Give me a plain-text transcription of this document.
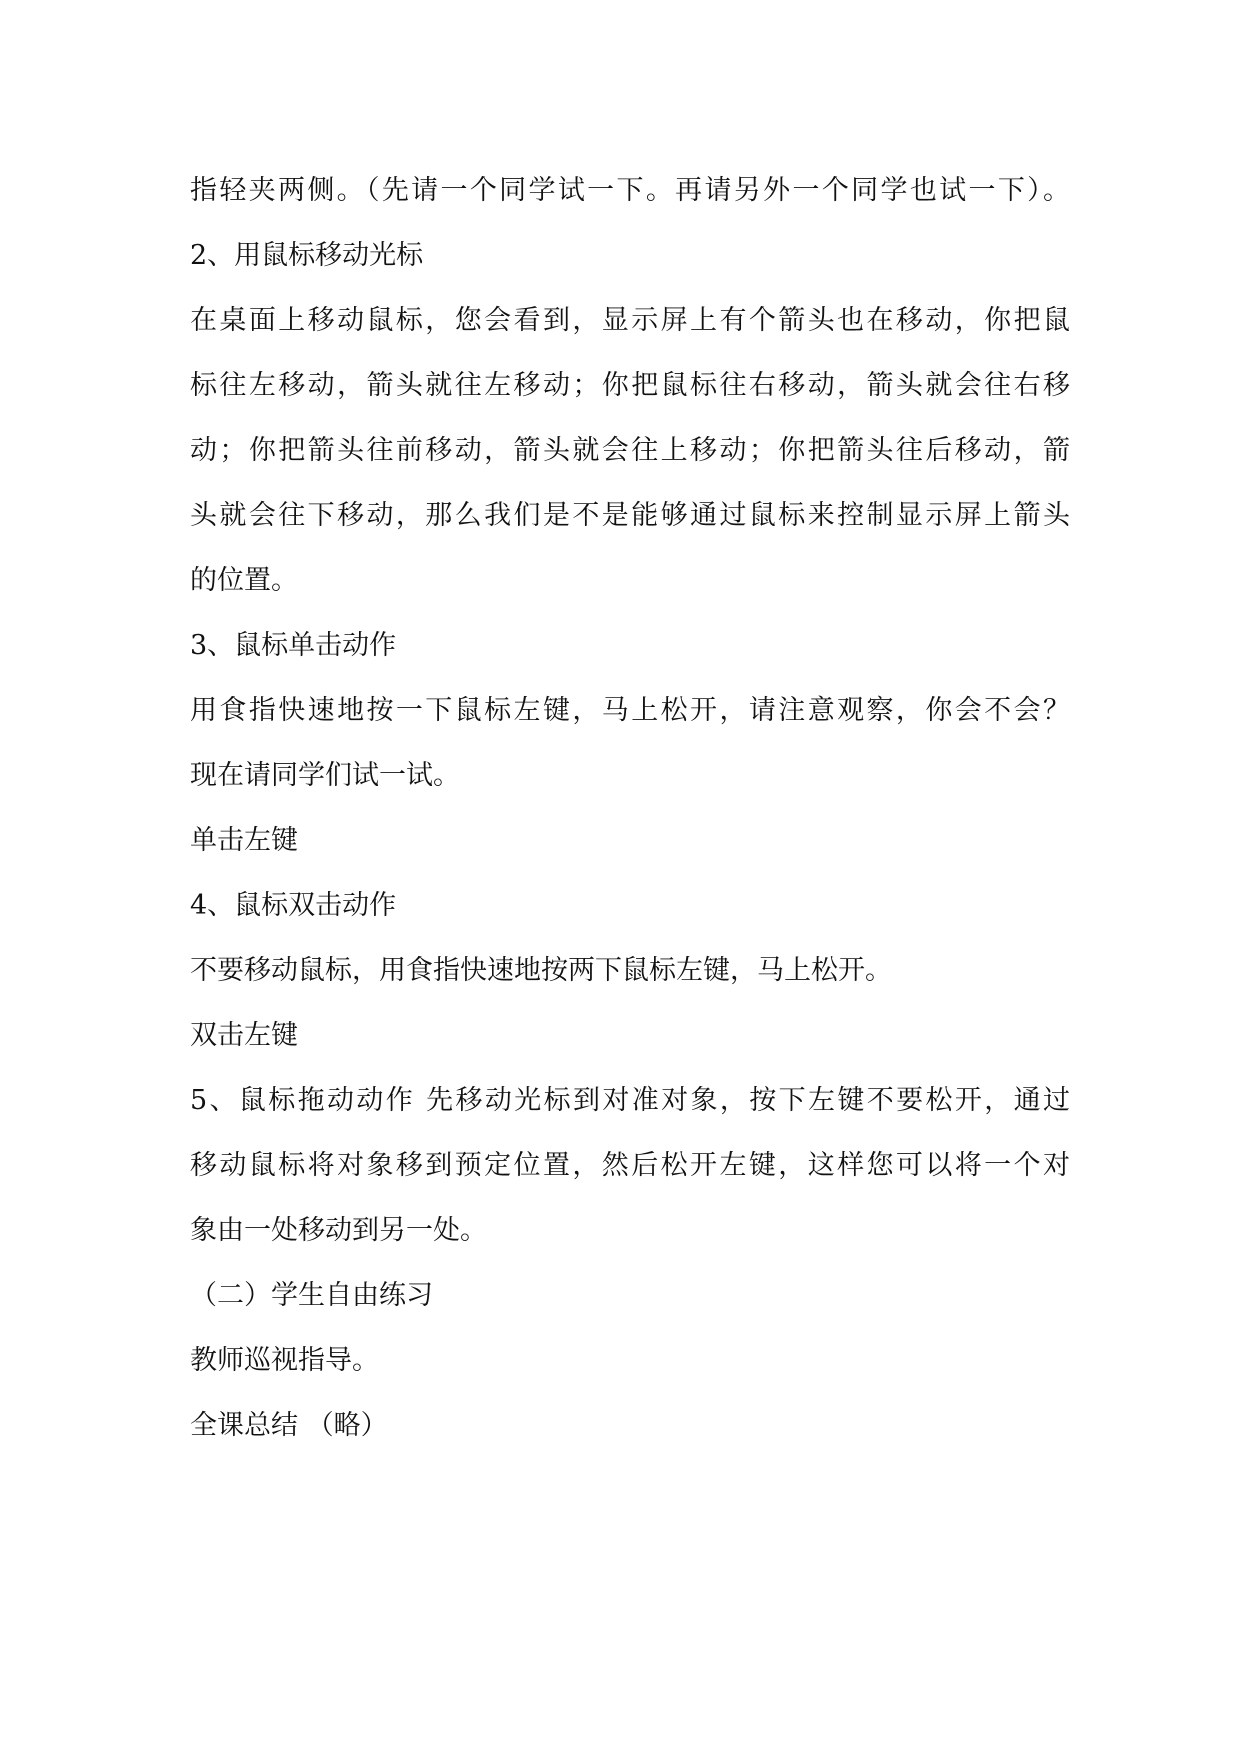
指轻夹两侧。（先请一个同学试一下。再请另外一个同学也试一下）。

2、用鼠标移动光标

在桌面上移动鼠标，您会看到，显示屏上有个箭头也在移动，你把鼠

标往左移动，箭头就往左移动；你把鼠标往右移动，箭头就会往右移

动；你把箭头往前移动，箭头就会往上移动；你把箭头往后移动，箭

头就会往下移动，那么我们是不是能够通过鼠标来控制显示屏上箭头

的位置。

3、鼠标单击动作

用食指快速地按一下鼠标左键，马上松开，请注意观察，你会不会？

现在请同学们试一试。

单击左键

4、鼠标双击动作

不要移动鼠标，用食指快速地按两下鼠标左键，马上松开。

双击左键

5、鼠标拖动动作 先移动光标到对准对象，按下左键不要松开，通过

移动鼠标将对象移到预定位置，然后松开左键，这样您可以将一个对

象由一处移动到另一处。

（二）学生自由练习

教师巡视指导。

全课总结 （略）
